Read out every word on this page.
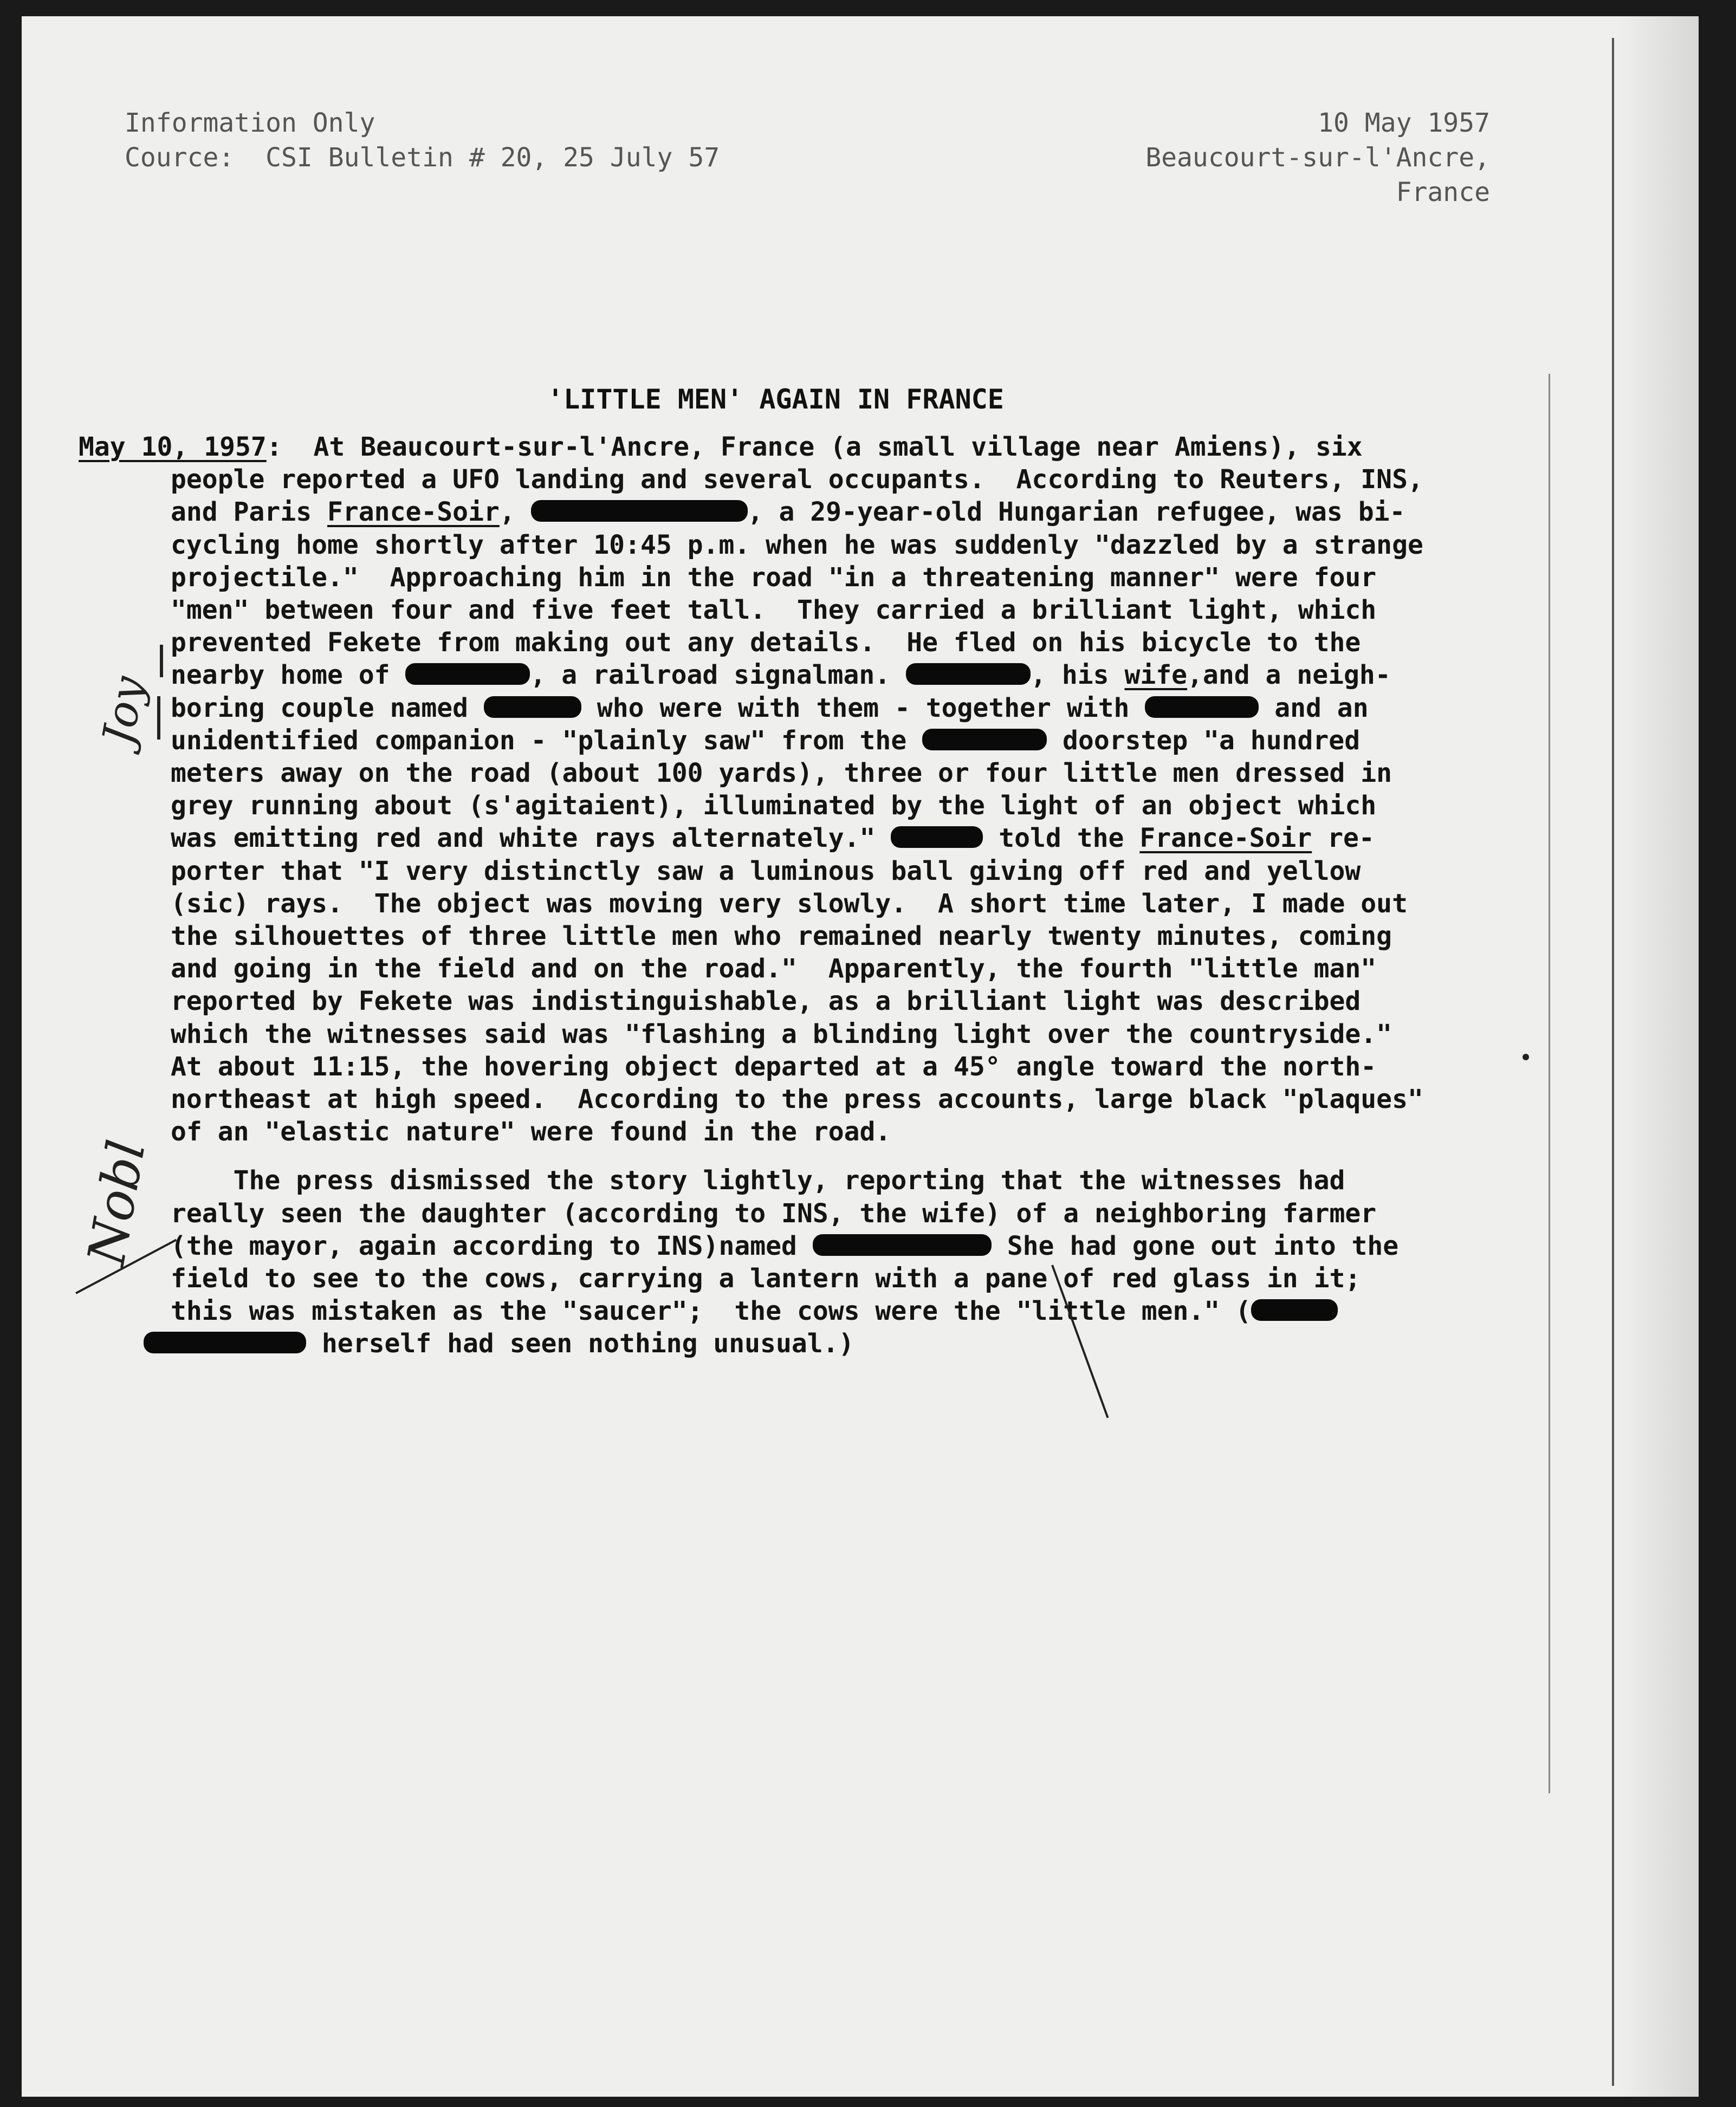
Information Only
Cource:  CSI Bulletin # 20, 25 July 57
10 May 1957
Beaucourt-sur-l'Ancre,
France
'LITTLE MEN' AGAIN IN FRANCE
May 10, 1957:  At Beaucourt-sur-l'Ancre, France (a small village near Amiens), six
people reported a UFO landing and several occupants.  According to Reuters, INS,
and Paris France-Soir,	, a 29-year-old Hungarian refugee, was bi-
cycling home shortly after 10:45 p.m. when he was suddenly "dazzled by a strange
projectile."  Approaching him in the road "in a threatening manner" were four
"men" between four and five feet tall.  They carried a brilliant light, which
prevented Fekete from making out any details.  He fled on his bicycle to the
nearby home of	, a railroad signalman.	, his wife,and a neigh-
boring couple named	who were with them - together with	and an
unidentified companion - "plainly saw" from the	doorstep "a hundred
meters away on the road (about 100 yards), three or four little men dressed in
grey running about (s'agitaient), illuminated by the light of an object which
was emitting red and white rays alternately."	told the France-Soir re-
porter that "I very distinctly saw a luminous ball giving off red and yellow
(sic) rays.  The object was moving very slowly.  A short time later, I made out
the silhouettes of three little men who remained nearly twenty minutes, coming
and going in the field and on the road."  Apparently, the fourth "little man"
reported by Fekete was indistinguishable, as a brilliant light was described
which the witnesses said was "flashing a blinding light over the countryside."
At about 11:15, the hovering object departed at a 45° angle toward the north-
northeast at high speed.  According to the press accounts, large black "plaques"
of an "elastic nature" were found in the road.
The press dismissed the story lightly, reporting that the witnesses had
really seen the daughter (according to INS, the wife) of a neighboring farmer
(the mayor, again according to INS)named	She had gone out into the
field to see to the cows, carrying a lantern with a pane of red glass in it;
this was mistaken as the "saucer";  the cows were the "little men." (
herself had seen nothing unusual.)
Joy
Nobl
